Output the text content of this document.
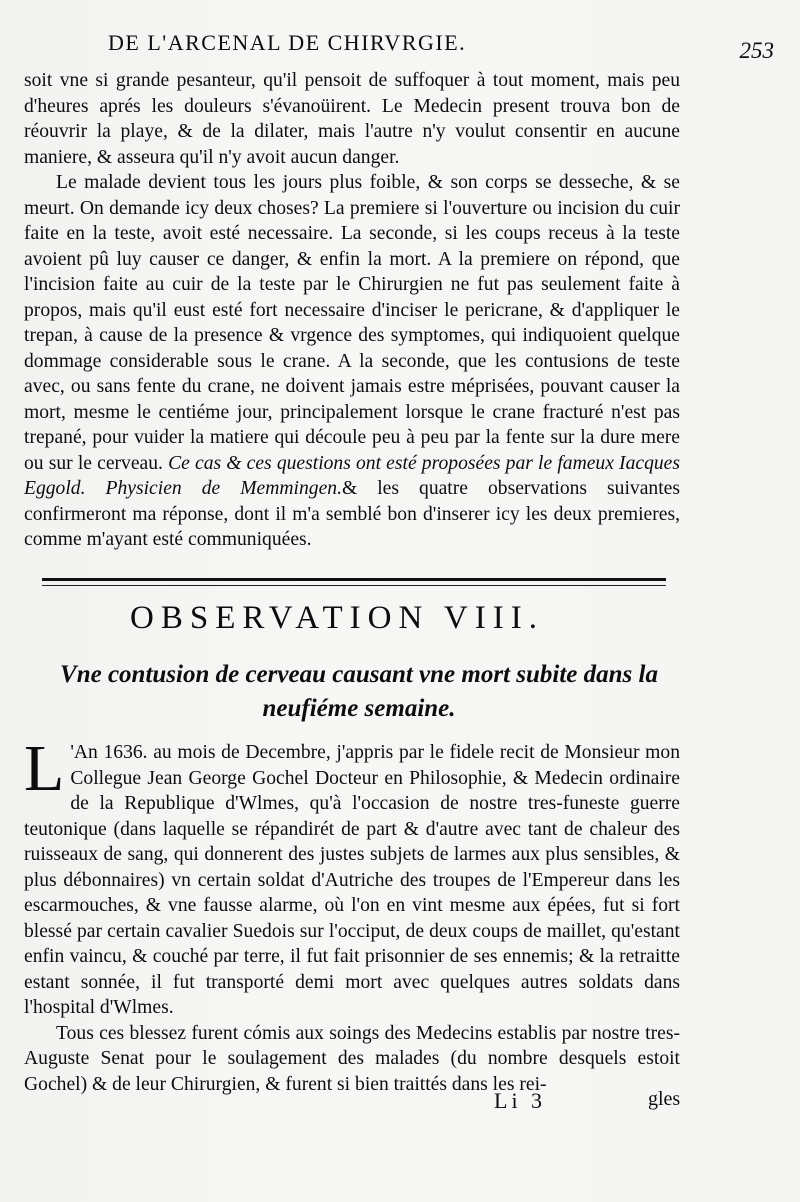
DE L'ARCENAL DE CHIRVRGIE.	253

soit vne si grande pesanteur, qu'il pensoit de suffoquer à tout moment, mais peu d'heures aprés les douleurs s'évanoüirent. Le Medecin present trouva bon de réouvrir la playe, & de la dilater, mais l'autre n'y voulut consentir en aucune maniere, & asseura qu'il n'y avoit aucun danger.

Le malade devient tous les jours plus foible, & son corps se desseche, & se meurt. On demande icy deux choses? La premiere si l'ouverture ou incision du cuir faite en la teste, avoit esté necessaire. La seconde, si les coups receus à la teste avoient pû luy causer ce danger, & enfin la mort. A la premiere on répond, que l'incision faite au cuir de la teste par le Chirurgien ne fut pas seulement faite à propos, mais qu'il eust esté fort necessaire d'inciser le pericrane, & d'appliquer le trepan, à cause de la presence & vrgence des symptomes, qui indiquoient quelque dommage considerable sous le crane. A la seconde, que les contusions de teste avec, ou sans fente du crane, ne doivent jamais estre méprisées, pouvant causer la mort, mesme le centiéme jour, principalement lorsque le crane fracturé n'est pas trepané, pour vuider la matiere qui découle peu à peu par la fente sur la dure mere ou sur le cerveau. Ce cas & ces questions ont esté proposées par le fameux Iacques Eggold. Physicien de Memmingen.& les quatre observations suivantes confirmeront ma réponse, dont il m'a semblé bon d'inserer icy les deux premieres, comme m'ayant esté communiquées.

OBSERVATION VIII.
Vne contusion de cerveau causant vne mort subite dans la neufiéme semaine.

L 'An 1636. au mois de Decembre, j'appris par le fidele recit de Monsieur mon Collegue Jean George Gochel Docteur en Philosophie, & Medecin ordinaire de la Republique d'Wlmes, qu'à l'occasion de nostre tres-funeste guerre teutonique (dans laquelle se répandirét de part & d'autre avec tant de chaleur des ruisseaux de sang, qui donnerent des justes subjets de larmes aux plus sensibles, & plus débonnaires) vn certain soldat d'Autriche des troupes de l'Empereur dans les escarmouches, & vne fausse alarme, où l'on en vint mesme aux épées, fut si fort blessé par certain cavalier Suedois sur l'occiput, de deux coups de maillet, qu'estant enfin vaincu, & couché par terre, il fut fait prisonnier de ses ennemis; & la retraitte estant sonnée, il fut transporté demi mort avec quelques autres soldats dans l'hospital d'Wlmes.

Tous ces blessez furent cómis aux soings des Medecins establis par nostre tres-Auguste Senat pour le soulagement des malades (du nombre desquels estoit Gochel) & de leur Chirurgien, & furent si bien traittés dans les rei-

Li 3	gles
